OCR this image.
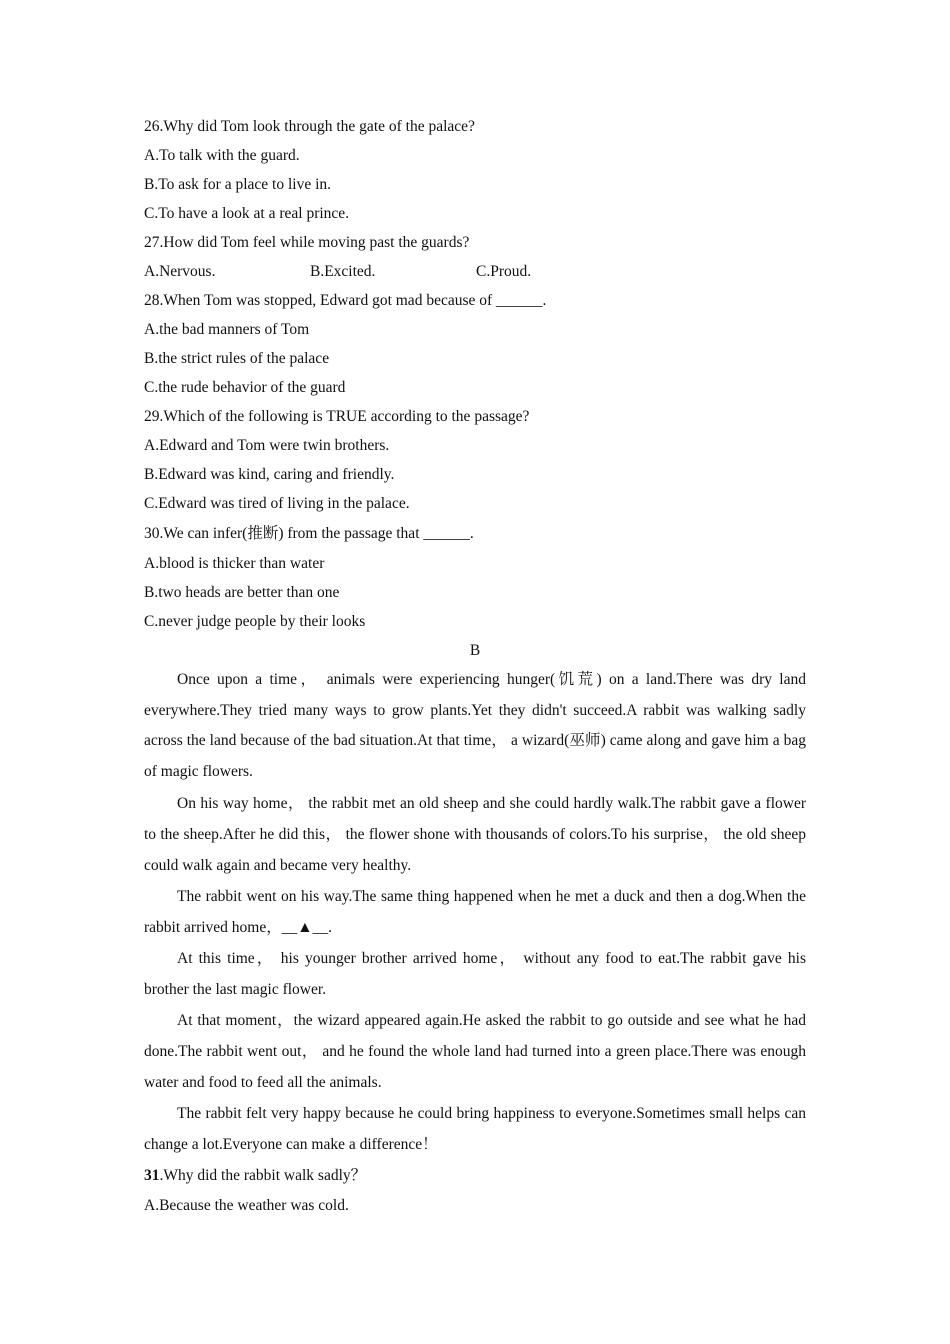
26.Why did Tom look through the gate of the palace?
A.To talk with the guard.
B.To ask for a place to live in.
C.To have a look at a real prince.
27.How did Tom feel while moving past the guards?
A.Nervous.	B.Excited.	C.Proud.
28.When Tom was stopped, Edward got mad because of ______.
A.the bad manners of Tom
B.the strict rules of the palace
C.the rude behavior of the guard
29.Which of the following is TRUE according to the passage?
A.Edward and Tom were twin brothers.
B.Edward was kind, caring and friendly.
C.Edward was tired of living in the palace.
30.We can infer(推断) from the passage that ______.
A.blood is thicker than water
B.two heads are better than one
C.never judge people by their looks
B

Once upon a time， animals were experiencing hunger(饥荒) on a land.There was dry land everywhere.They tried many ways to grow plants.Yet they didn't succeed.A rabbit was walking sadly across the land because of the bad situation.At that time， a wizard(巫师) came along and gave him a bag of magic flowers.

On his way home， the rabbit met an old sheep and she could hardly walk.The rabbit gave a flower to the sheep.After he did this， the flower shone with thousands of colors.To his surprise， the old sheep could walk again and became very healthy.

The rabbit went on his way.The same thing happened when he met a duck and then a dog.When the rabbit arrived home，__▲__.

At this time， his younger brother arrived home， without any food to eat.The rabbit gave his brother the last magic flower.

At that moment，the wizard appeared again.He asked the rabbit to go outside and see what he had done.The rabbit went out， and he found the whole land had turned into a green place.There was enough water and food to feed all the animals.

The rabbit felt very happy because he could bring happiness to everyone.Sometimes small helps can change a lot.Everyone can make a difference！

31.Why did the rabbit walk sadly？
A.Because the weather was cold.
